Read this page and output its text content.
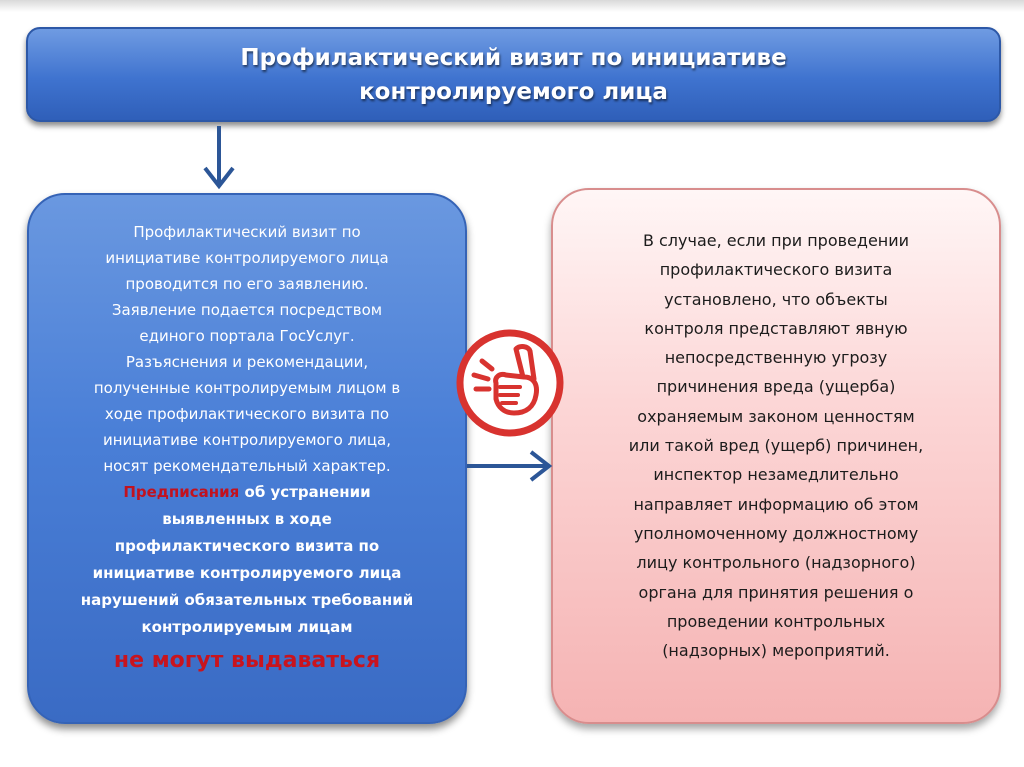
Профилактический визит по инициативе
контролируемого лица
Профилактический визит по
инициативе контролируемого лица
проводится по его заявлению.
Заявление подается посредством
единого портала ГосУслуг.
Разъяснения и рекомендации,
полученные контролируемым лицом в
ходе профилактического визита по
инициативе контролируемого лица,
носят рекомендательный характер.
Предписания об устранении
выявленных в ходе
профилактического визита по
инициативе контролируемого лица
нарушений обязательных требований
контролируемым лицам
не могут выдаваться
В случае, если при проведении
профилактического визита
установлено, что объекты
контроля представляют явную
непосредственную угрозу
причинения вреда (ущерба)
охраняемым законом ценностям
или такой вред (ущерб) причинен,
инспектор незамедлительно
направляет информацию об этом
уполномоченному должностному
лицу контрольного (надзорного)
органа для принятия решения о
проведении контрольных
(надзорных) мероприятий.
